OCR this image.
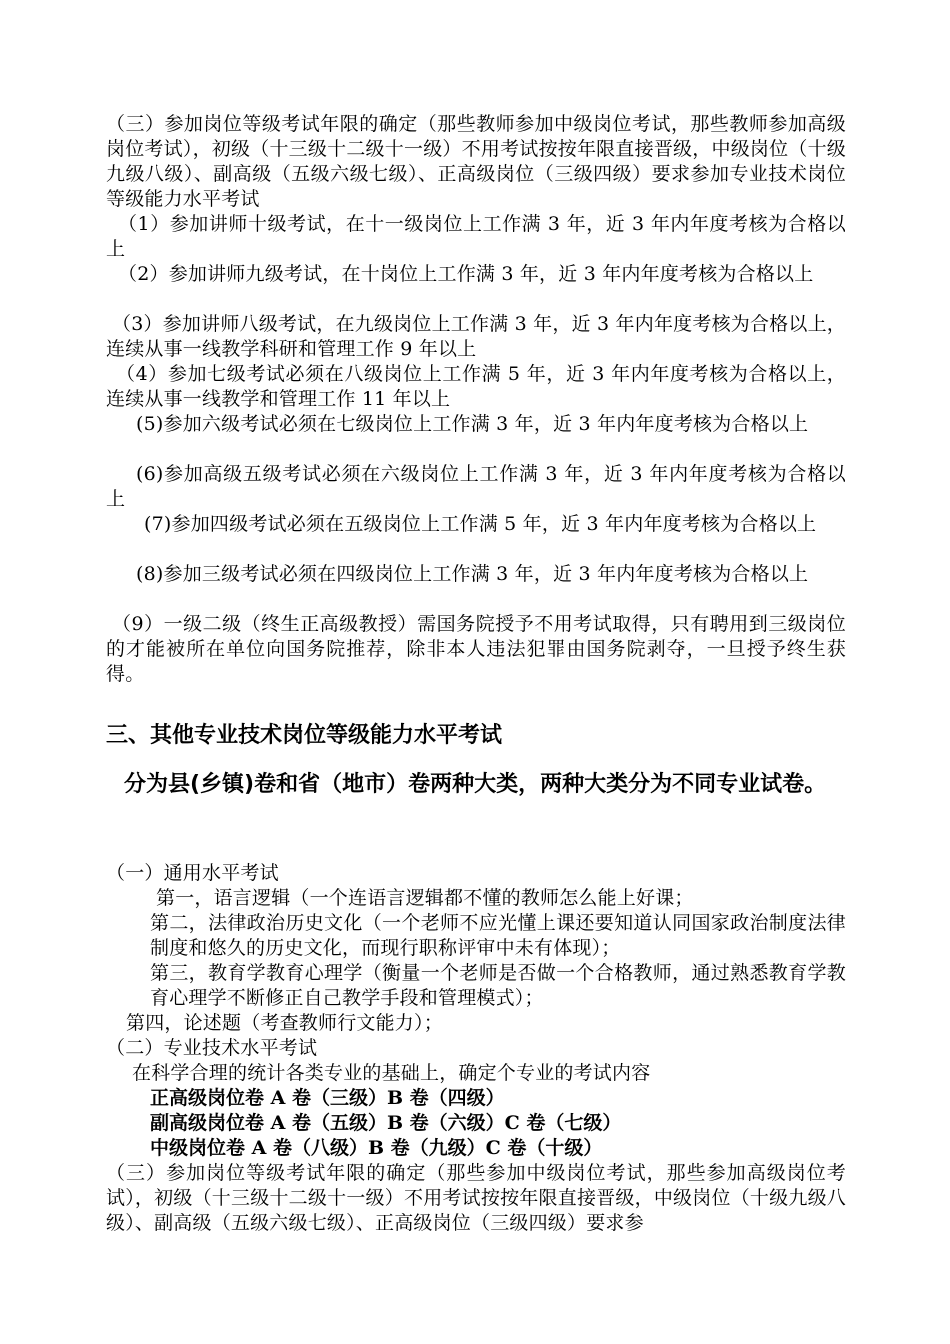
（三）参加岗位等级考试年限的确定（那些教师参加中级岗位考试，那些教师参加高级岗位考试），初级（十三级十二级十一级）不用考试按按年限直接晋级，中级岗位（十级九级八级）、副高级（五级六级七级）、正高级岗位（三级四级）要求参加专业技术岗位等级能力水平考试

（1）参加讲师十级考试，在十一级岗位上工作满 3 年，近 3 年内年度考核为合格以上

（2）参加讲师九级考试，在十岗位上工作满 3 年，近 3 年内年度考核为合格以上

（3）参加讲师八级考试，在九级岗位上工作满 3 年，近 3 年内年度考核为合格以上，连续从事一线教学科研和管理工作 9 年以上

（4）参加七级考试必须在八级岗位上工作满 5 年，近 3 年内年度考核为合格以上，连续从事一线教学和管理工作 11 年以上

(5)参加六级考试必须在七级岗位上工作满 3 年，近 3 年内年度考核为合格以上

(6)参加高级五级考试必须在六级岗位上工作满 3 年，近 3 年内年度考核为合格以上

(7)参加四级考试必须在五级岗位上工作满 5 年，近 3 年内年度考核为合格以上

(8)参加三级考试必须在四级岗位上工作满 3 年，近 3 年内年度考核为合格以上

（9）一级二级（终生正高级教授）需国务院授予不用考试取得，只有聘用到三级岗位的才能被所在单位向国务院推荐，除非本人违法犯罪由国务院剥夺，一旦授予终生获得。

三、其他专业技术岗位等级能力水平考试

分为县(乡镇)卷和省（地市）卷两种大类，两种大类分为不同专业试卷。

（一）通用水平考试

第一，语言逻辑（一个连语言逻辑都不懂的教师怎么能上好课；

第二，法律政治历史文化（一个老师不应光懂上课还要知道认同国家政治制度法律制度和悠久的历史文化，而现行职称评审中未有体现）；

第三，教育学教育心理学（衡量一个老师是否做一个合格教师，通过熟悉教育学教育心理学不断修正自己教学手段和管理模式）；

第四，论述题（考查教师行文能力）；

（二）专业技术水平考试

在科学合理的统计各类专业的基础上，确定个专业的考试内容

正高级岗位卷 A 卷（三级）B 卷（四级）

副高级岗位卷 A 卷（五级）B 卷（六级）C 卷（七级）

中级岗位卷 A 卷（八级）B 卷（九级）C 卷（十级）

（三）参加岗位等级考试年限的确定（那些参加中级岗位考试，那些参加高级岗位考试），初级（十三级十二级十一级）不用考试按按年限直接晋级，中级岗位（十级九级八级）、副高级（五级六级七级）、正高级岗位（三级四级）要求参
